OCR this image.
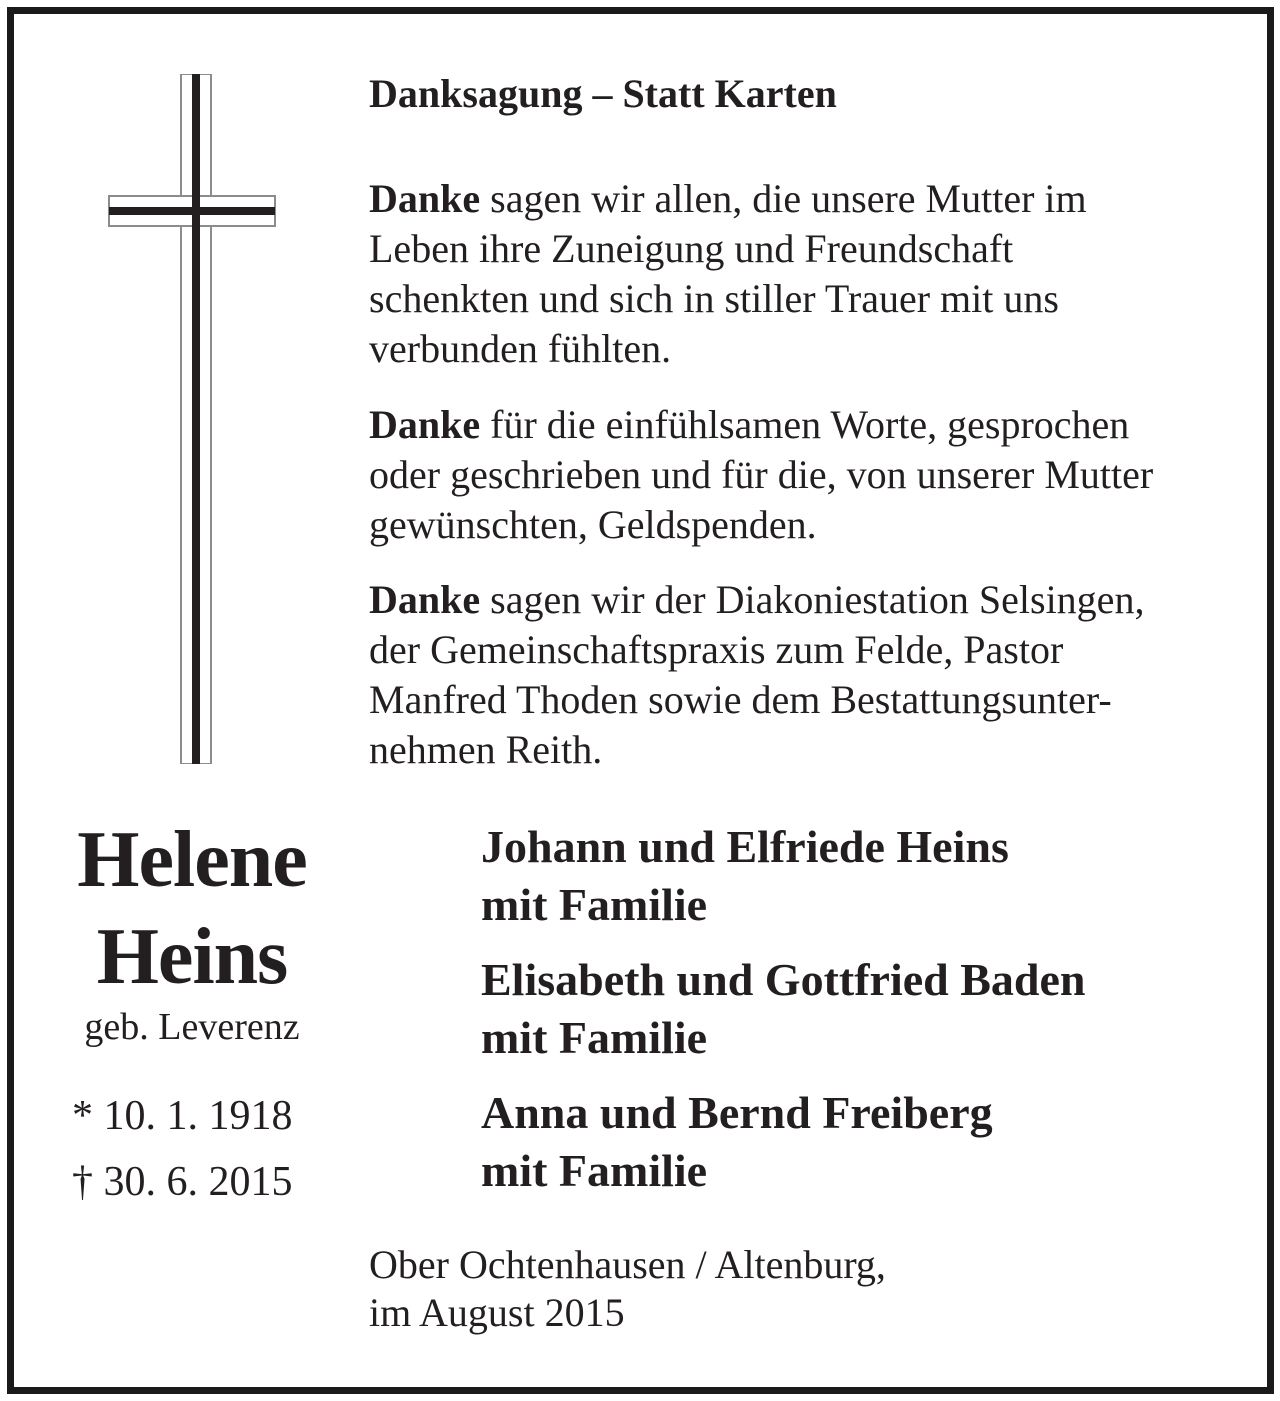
Danksagung – Statt Karten

Danke sagen wir allen, die unsere Mutter im
Leben ihre Zuneigung und Freundschaft
schenkten und sich in stiller Trauer mit uns
verbunden fühlten.

Danke für die einfühlsamen Worte, gesprochen
oder geschrieben und für die, von unserer Mutter
gewünschten, Geldspenden.

Danke sagen wir der Diakoniestation Selsingen,
der Gemeinschaftspraxis zum Felde, Pastor
Manfred Thoden sowie dem Bestattungsunter-
nehmen Reith.

Helene

Heins

geb. Leverenz

* 10. 1. 1918

† 30. 6. 2015

Johann und Elfriede Heins
mit Familie

Elisabeth und Gottfried Baden
mit Familie

Anna und Bernd Freiberg
mit Familie

Ober Ochtenhausen / Altenburg,
im August 2015
